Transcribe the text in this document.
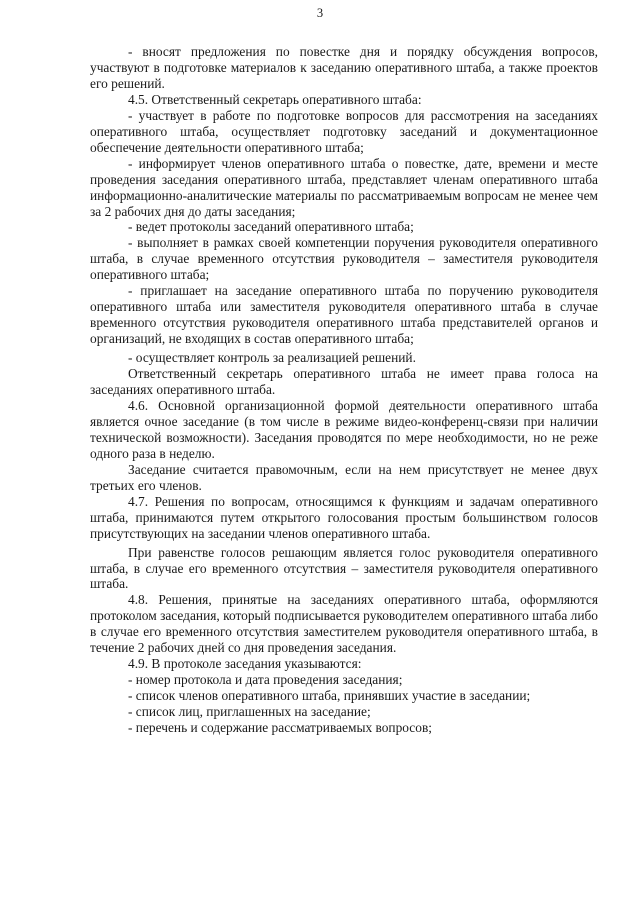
3

- вносят предложения по повестке дня и порядку обсуждения вопросов, участвуют в подготовке материалов к заседанию оперативного штаба, а также проектов его решений.

4.5. Ответственный секретарь оперативного штаба:

- участвует в работе по подготовке вопросов для рассмотрения на заседаниях оперативного штаба, осуществляет подготовку заседаний и документационное обеспечение деятельности оперативного штаба;

- информирует членов оперативного штаба о повестке, дате, времени и месте проведения заседания оперативного штаба, представляет членам оперативного штаба информационно-аналитические материалы по рассматриваемым вопросам не менее чем за 2 рабочих дня до даты заседания;

- ведет протоколы заседаний оперативного штаба;

- выполняет в рамках своей компетенции поручения руководителя оперативного штаба, в случае временного отсутствия руководителя – заместителя руководителя оперативного штаба;

- приглашает на заседание оперативного штаба по поручению руководителя оперативного штаба или заместителя руководителя оперативного штаба в случае временного отсутствия руководителя оперативного штаба представителей органов и организаций, не входящих в состав оперативного штаба;

- осуществляет контроль за реализацией решений.

Ответственный секретарь оперативного штаба не имеет права голоса на заседаниях оперативного штаба.

4.6. Основной организационной формой деятельности оперативного штаба является очное заседание (в том числе в режиме видео-конференц-связи при наличии технической возможности). Заседания проводятся по мере необходимости, но не реже одного раза в неделю.

Заседание считается правомочным, если на нем присутствует не менее двух третьих его членов.

4.7. Решения по вопросам, относящимся к функциям и задачам оперативного штаба, принимаются путем открытого голосования простым большинством голосов присутствующих на заседании членов оперативного штаба.

При равенстве голосов решающим является голос руководителя оперативного штаба, в случае его временного отсутствия – заместителя руководителя оперативного штаба.

4.8. Решения, принятые на заседаниях оперативного штаба, оформляются протоколом заседания, который подписывается руководителем оперативного штаба либо в случае его временного отсутствия заместителем руководителя оперативного штаба, в течение 2 рабочих дней со дня проведения заседания.

4.9. В протоколе заседания указываются:

- номер протокола и дата проведения заседания;

- список членов оперативного штаба, принявших участие в заседании;

- список лиц, приглашенных на заседание;

- перечень и содержание рассматриваемых вопросов;
